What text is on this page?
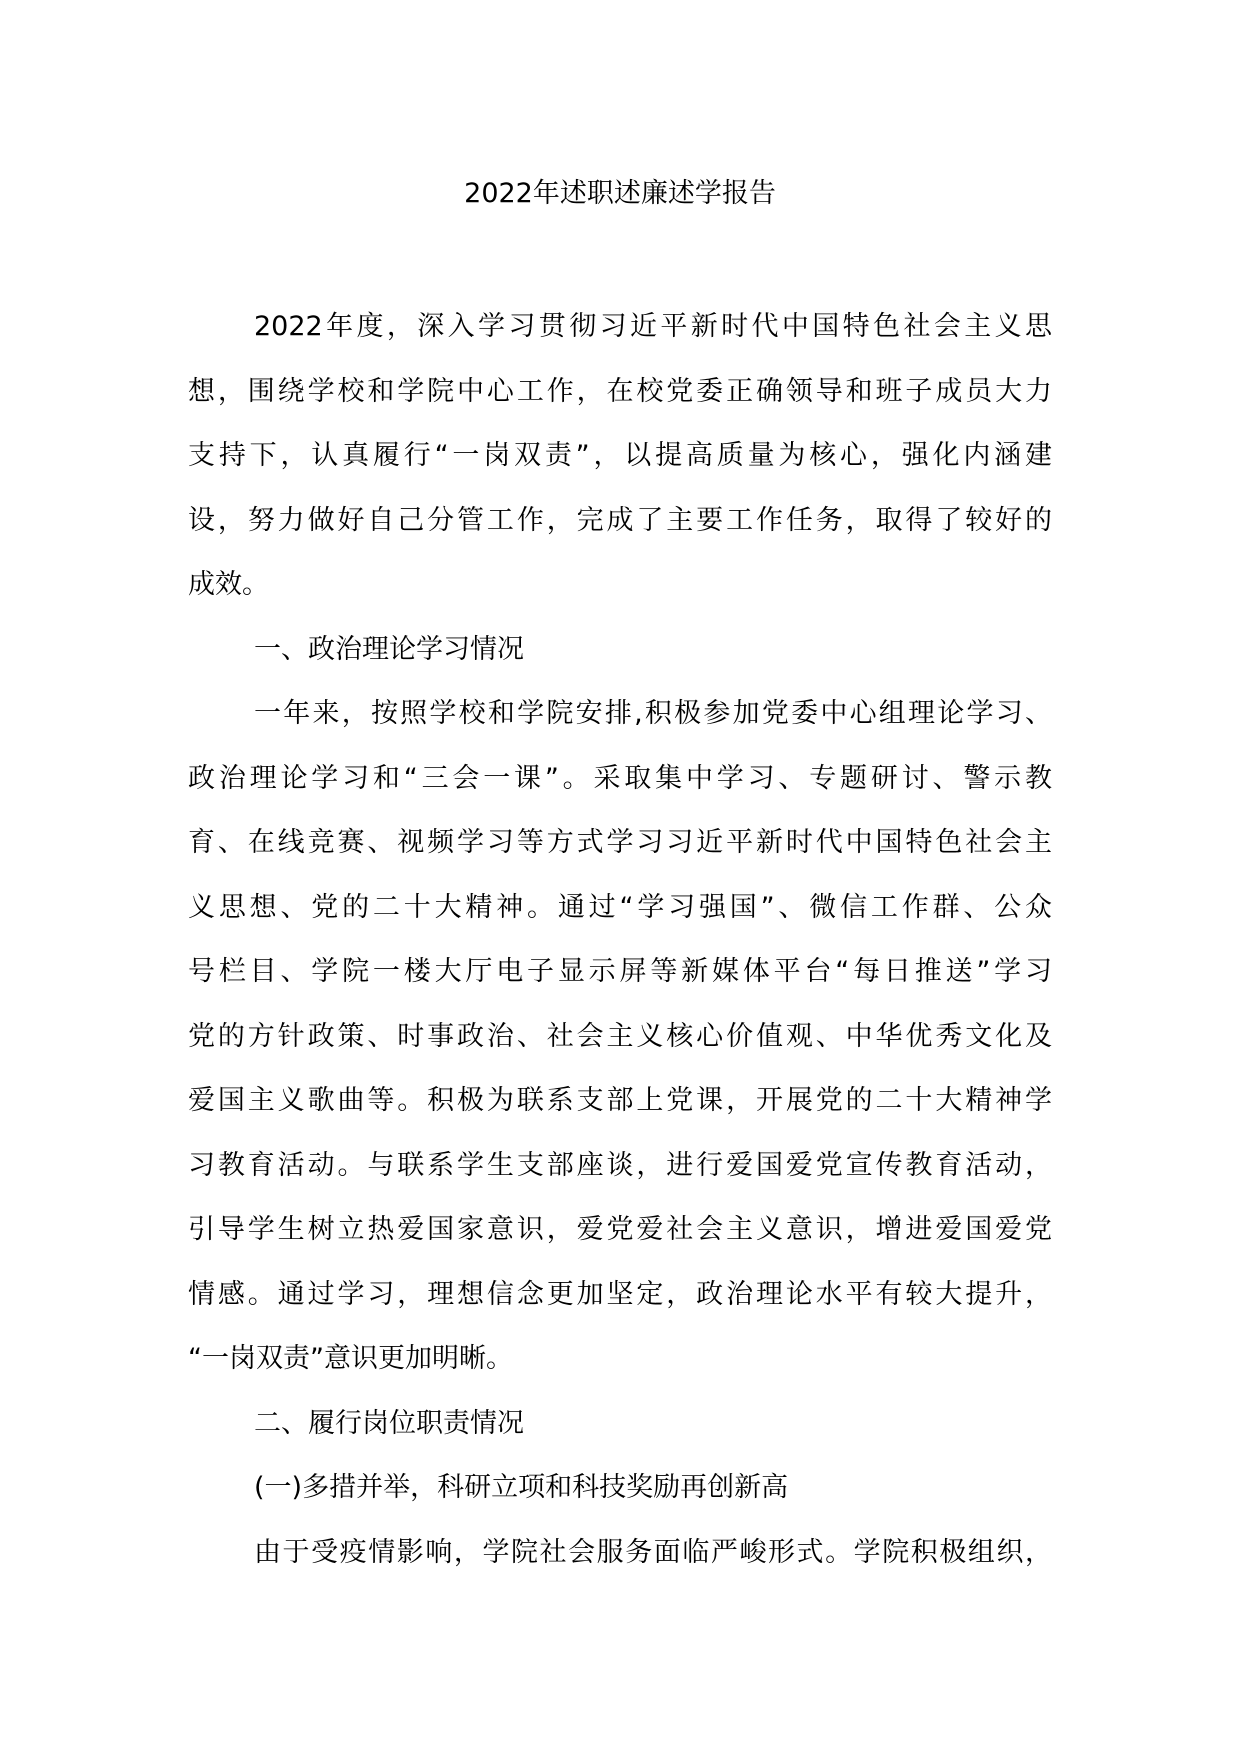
2022年述职述廉述学报告
2022年度，深入学习贯彻习近平新时代中国特色社会主义思
想，围绕学校和学院中心工作，在校党委正确领导和班子成员大力
支持下，认真履行“一岗双责”，以提高质量为核心，强化内涵建
设，努力做好自己分管工作，完成了主要工作任务，取得了较好的
成效。
一、政治理论学习情况
一年来，按照学校和学院安排,积极参加党委中心组理论学习、
政治理论学习和“三会一课”。采取集中学习、专题研讨、警示教
育、在线竞赛、视频学习等方式学习习近平新时代中国特色社会主
义思想、党的二十大精神。通过“学习强国”、微信工作群、公众
号栏目、学院一楼大厅电子显示屏等新媒体平台“每日推送”学习
党的方针政策、时事政治、社会主义核心价值观、中华优秀文化及
爱国主义歌曲等。积极为联系支部上党课，开展党的二十大精神学
习教育活动。与联系学生支部座谈，进行爱国爱党宣传教育活动，
引导学生树立热爱国家意识，爱党爱社会主义意识，增进爱国爱党
情感。通过学习，理想信念更加坚定，政治理论水平有较大提升，
“一岗双责”意识更加明晰。
二、履行岗位职责情况
(一)多措并举，科研立项和科技奖励再创新高
由于受疫情影响，学院社会服务面临严峻形式。学院积极组织，
